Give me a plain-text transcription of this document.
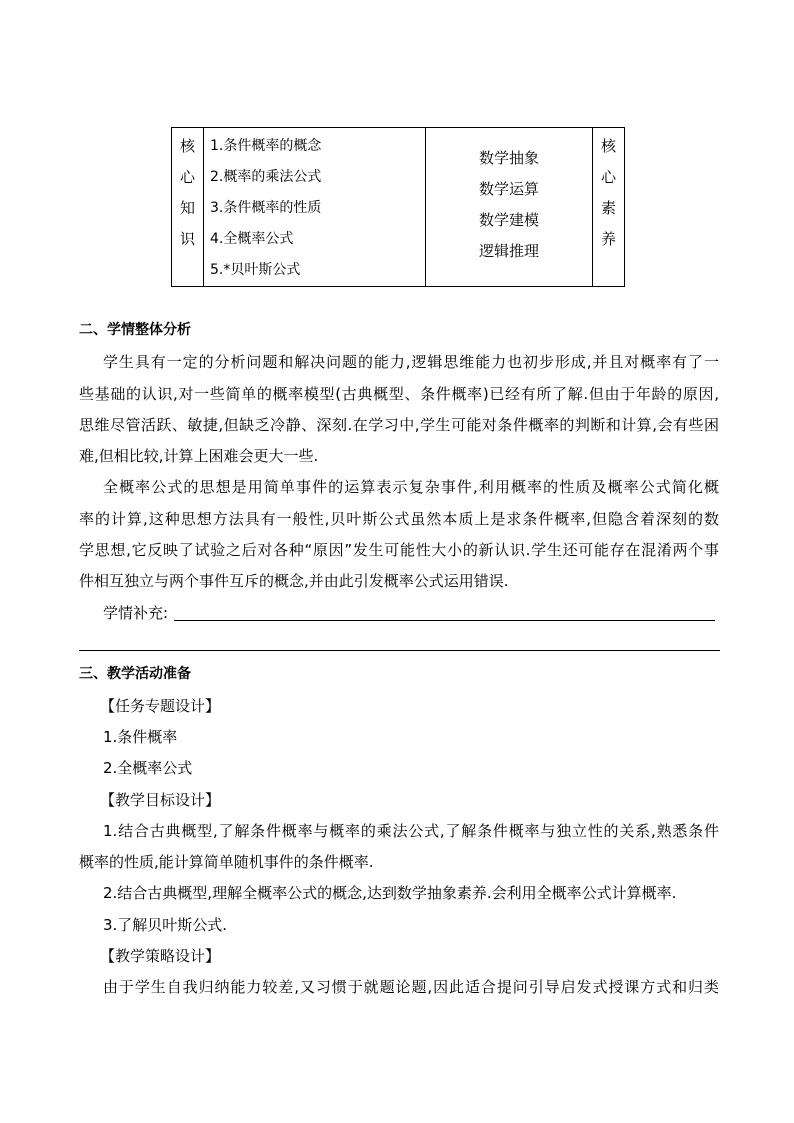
核
心
知
识

1.条件概率的概念
2.概率的乘法公式
3.条件概率的性质
4.全概率公式
5.*贝叶斯公式

数学抽象
数学运算
数学建模
逻辑推理

核
心
素
养
二、学情整体分析
学生具有一定的分析问题和解决问题的能力,逻辑思维能力也初步形成,并且对概率有了一
些基础的认识,对一些简单的概率模型(古典概型、条件概率)已经有所了解.但由于年龄的原因,
思维尽管活跃、敏捷,但缺乏冷静、深刻.在学习中,学生可能对条件概率的判断和计算,会有些困
难,但相比较,计算上困难会更大一些.
全概率公式的思想是用简单事件的运算表示复杂事件,利用概率的性质及概率公式简化概
率的计算,这种思想方法具有一般性,贝叶斯公式虽然本质上是求条件概率,但隐含着深刻的数
学思想,它反映了试验之后对各种“原因”发生可能性大小的新认识.学生还可能存在混淆两个事
件相互独立与两个事件互斥的概念,并由此引发概率公式运用错误.
学情补充:
三、教学活动准备
【任务专题设计】
1.条件概率
2.全概率公式
【教学目标设计】
1.结合古典概型,了解条件概率与概率的乘法公式,了解条件概率与独立性的关系,熟悉条件
概率的性质,能计算简单随机事件的条件概率.
2.结合古典概型,理解全概率公式的概念,达到数学抽象素养.会利用全概率公式计算概率.
3.了解贝叶斯公式.
【教学策略设计】
由于学生自我归纳能力较差,又习惯于就题论题,因此适合提问引导启发式授课方式和归类
